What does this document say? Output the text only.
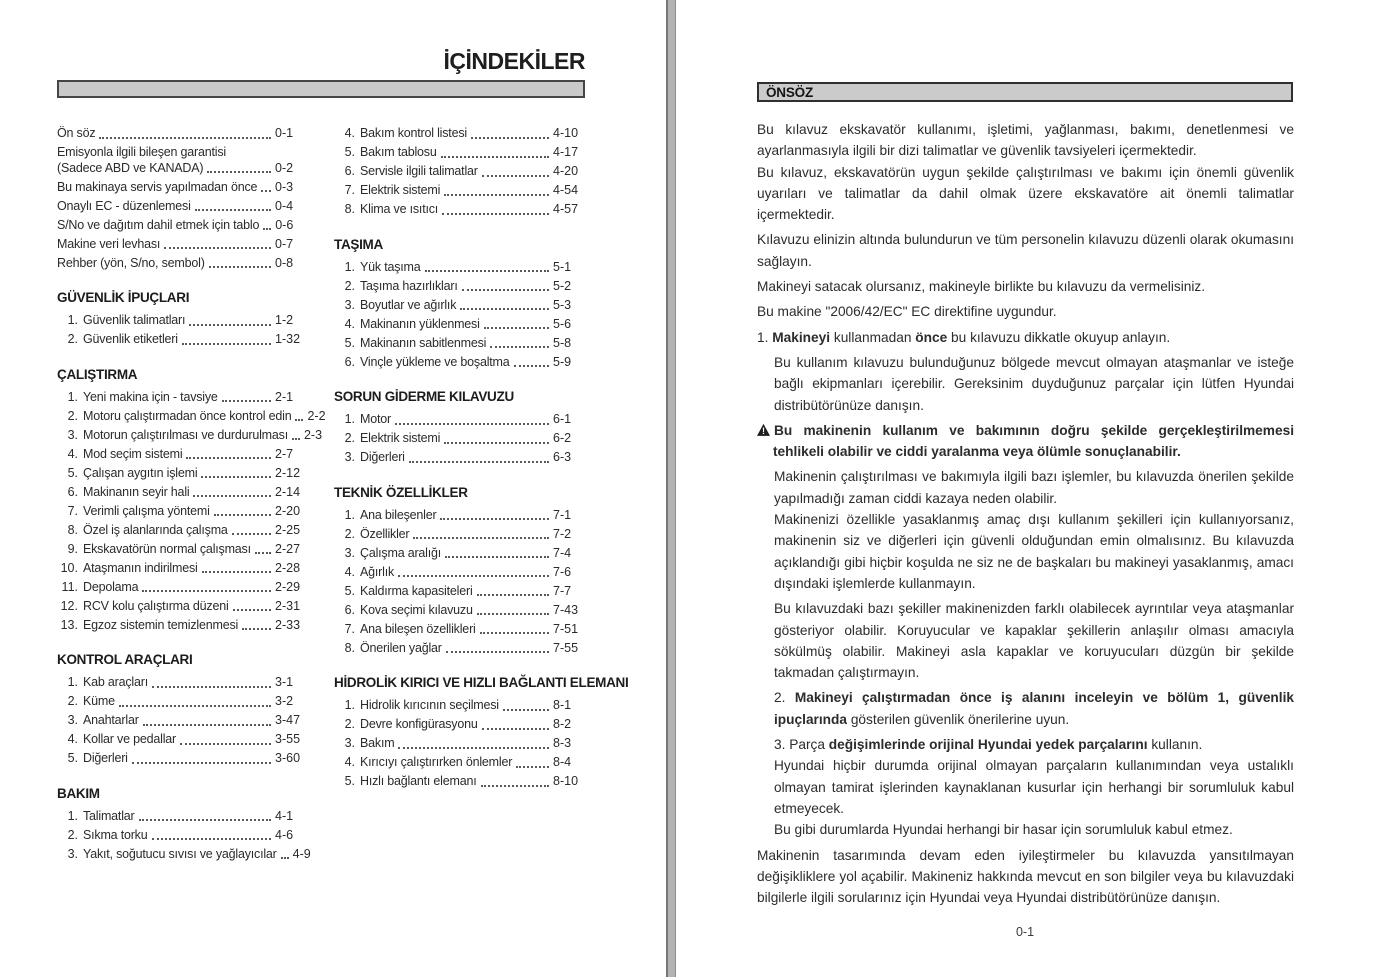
İÇİNDEKİLER
Ön söz	0-1
Emisyonla ilgili bileşen garantisi
(Sadece ABD ve KANADA)	0-2
Bu makinaya servis yapılmadan önce 0-3
Onaylı EC - düzenlemesi	0-4
S/No ve dağıtım dahil etmek için tablo 0-6
Makine veri levhası	0-7
Rehber (yön, S/no, sembol)	0-8
GÜVENLİK İPUÇLARI
1. Güvenlik talimatları	1-2
2. Güvenlik etiketleri	1-32
ÇALIŞTIRMA
1. Yeni makina için - tavsiye	2-1
2. Motoru çalıştırmadan önce kontrol edin 2-2
3. Motorun çalıştırılması ve durdurulması 2-3
4. Mod seçim sistemi	2-7
5. Çalışan aygıtın işlemi	2-12
6. Makinanın seyir hali	2-14
7. Verimli çalışma yöntemi	2-20
8. Özel iş alanlarında çalışma	2-25
9. Ekskavatörün normal çalışması 2-27
10. Ataşmanın indirilmesi	2-28
11. Depolama	2-29
12. RCV kolu çalıştırma düzeni	2-31
13. Egzoz sistemin temizlenmesi	2-33
KONTROL ARAÇLARI
1. Kab araçları	3-1
2. Küme	3-2
3. Anahtarlar	3-47
4. Kollar ve pedallar	3-55
5. Diğerleri	3-60
BAKIM
1. Talimatlar	4-1
2. Sıkma torku	4-6
3. Yakıt, soğutucu sıvısı ve yağlayıcılar 4-9
4. Bakım kontrol listesi	4-10
5. Bakım tablosu	4-17
6. Servisle ilgili talimatlar	4-20
7. Elektrik sistemi	4-54
8. Klima ve ısıtıcı	4-57
TAŞIMA
1. Yük taşıma	5-1
2. Taşıma hazırlıkları	5-2
3. Boyutlar ve ağırlık	5-3
4. Makinanın yüklenmesi	5-6
5. Makinanın sabitlenmesi	5-8
6. Vinçle yükleme ve boşaltma	5-9
SORUN GİDERME KILAVUZU
1. Motor	6-1
2. Elektrik sistemi	6-2
3. Diğerleri	6-3
TEKNİK ÖZELLİKLER
1. Ana bileşenler	7-1
2. Özellikler	7-2
3. Çalışma aralığı	7-4
4. Ağırlık	7-6
5. Kaldırma kapasiteleri	7-7
6. Kova seçimi kılavuzu	7-43
7. Ana bileşen özellikleri	7-51
8. Önerilen yağlar	7-55
HİDROLİK KIRICI VE HIZLI BAĞLANTI ELEMANI
1. Hidrolik kırıcının seçilmesi	8-1
2. Devre konfigürasyonu	8-2
3. Bakım	8-3
4. Kırıcıyı çalıştırırken önlemler	8-4
5. Hızlı bağlantı elemanı	8-10
ÖNSÖZ
Bu kılavuz ekskavatör kullanımı, işletimi, yağlanması, bakımı, denetlenmesi ve ayarlanmasıyla ilgili bir dizi talimatlar ve güvenlik tavsiyeleri içermektedir.
Bu kılavuz, ekskavatörün uygun şekilde çalıştırılması ve bakımı için önemli güvenlik uyarıları ve talimatlar da dahil olmak üzere ekskavatöre ait önemli talimatlar içermektedir.
Kılavuzu elinizin altında bulundurun ve tüm personelin kılavuzu düzenli olarak okumasını sağlayın.
Makineyi satacak olursanız, makineyle birlikte bu kılavuzu da vermelisiniz.
Bu makine "2006/42/EC" EC direktifine uygundur.
1. Makineyi kullanmadan önce bu kılavuzu dikkatle okuyup anlayın.
Bu kullanım kılavuzu bulunduğunuz bölgede mevcut olmayan ataşmanlar ve isteğe bağlı ekipmanları içerebilir. Gereksinim duyduğunuz parçalar için lütfen Hyundai distribütörünüze danışın.
!Bu makinenin kullanım ve bakımının doğru şekilde gerçekleştirilmemesi tehlikeli olabilir ve ciddi yaralanma veya ölümle sonuçlanabilir.
Makinenin çalıştırılması ve bakımıyla ilgili bazı işlemler, bu kılavuzda önerilen şekilde yapılmadığı zaman ciddi kazaya neden olabilir.
Makinenizi özellikle yasaklanmış amaç dışı kullanım şekilleri için kullanıyorsanız, makinenin siz ve diğerleri için güvenli olduğundan emin olmalısınız. Bu kılavuzda açıklandığı gibi hiçbir koşulda ne siz ne de başkaları bu makineyi yasaklanmış, amacı dışındaki işlemlerde kullanmayın.
Bu kılavuzdaki bazı şekiller makinenizden farklı olabilecek ayrıntılar veya ataşmanlar gösteriyor olabilir. Koruyucular ve kapaklar şekillerin anlaşılır olması amacıyla sökülmüş olabilir. Makineyi asla kapaklar ve koruyucuları düzgün bir şekilde takmadan çalıştırmayın.
2. Makineyi çalıştırmadan önce iş alanını inceleyin ve bölüm 1, güvenlik ipuçlarında gösterilen güvenlik önerilerine uyun.
3. Parça değişimlerinde orijinal Hyundai yedek parçalarını kullanın.
Hyundai hiçbir durumda orijinal olmayan parçaların kullanımından veya ustalıklı olmayan tamirat işlerinden kaynaklanan kusurlar için herhangi bir sorumluluk kabul etmeyecek.
Bu gibi durumlarda Hyundai herhangi bir hasar için sorumluluk kabul etmez.
Makinenin tasarımında devam eden iyileştirmeler bu kılavuzda yansıtılmayan değişikliklere yol açabilir. Makineniz hakkında mevcut en son bilgiler veya bu kılavuzdaki bilgilerle ilgili sorularınız için Hyundai veya Hyundai distribütörünüze danışın.
0-1
